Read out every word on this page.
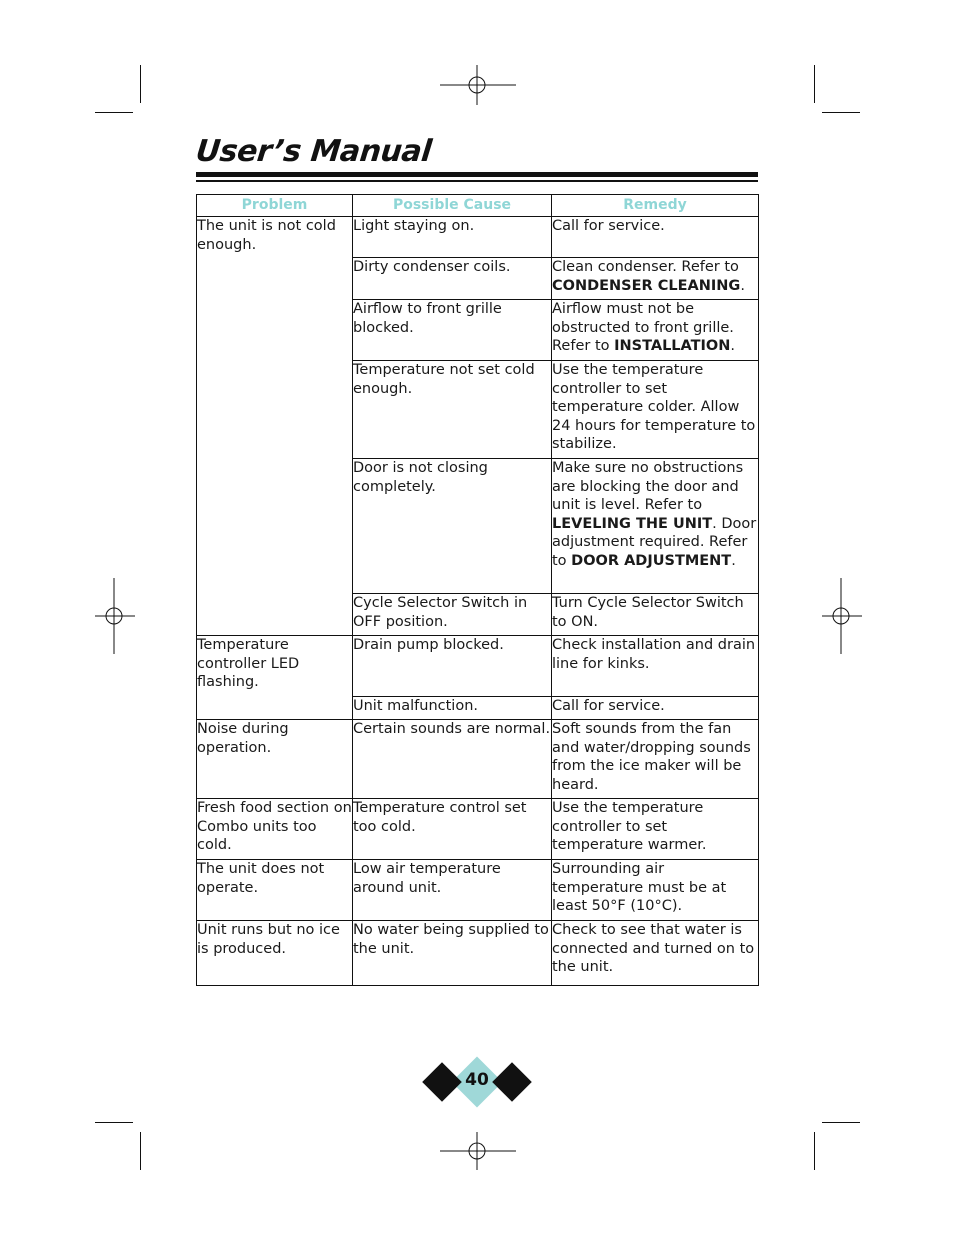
User’s Manual
Problem	Possible Cause	Remedy
The unit is not cold enough.	Light staying on.	Call for service.
	Dirty condenser coils.	Clean condenser. Refer to CONDENSER CLEANING.
	Airflow to front grille blocked.	Airflow must not be obstructed to front grille. Refer to INSTALLATION.
	Temperature not set cold enough.	Use the temperature controller to set temperature colder. Allow 24 hours for temperature to stabilize.
	Door is not closing completely.	Make sure no obstructions are blocking the door and unit is level. Refer to LEVELING THE UNIT. Door adjustment required. Refer to DOOR ADJUSTMENT.
	Cycle Selector Switch in OFF position.	Turn Cycle Selector Switch to ON.
Temperature controller LED flashing.	Drain pump blocked.	Check installation and drain line for kinks.
	Unit malfunction.	Call for service.
Noise during operation.	Certain sounds are normal.	Soft sounds from the fan and water/dropping sounds from the ice maker will be heard.
Fresh food section on Combo units too cold.	Temperature control set too cold.	Use the temperature controller to set temperature warmer.
The unit does not operate.	Low air temperature around unit.	Surrounding air temperature must be at least 50°F (10°C).
Unit runs but no ice is produced.	No water being supplied to the unit.	Check to see that water is connected and turned on to the unit.
40
